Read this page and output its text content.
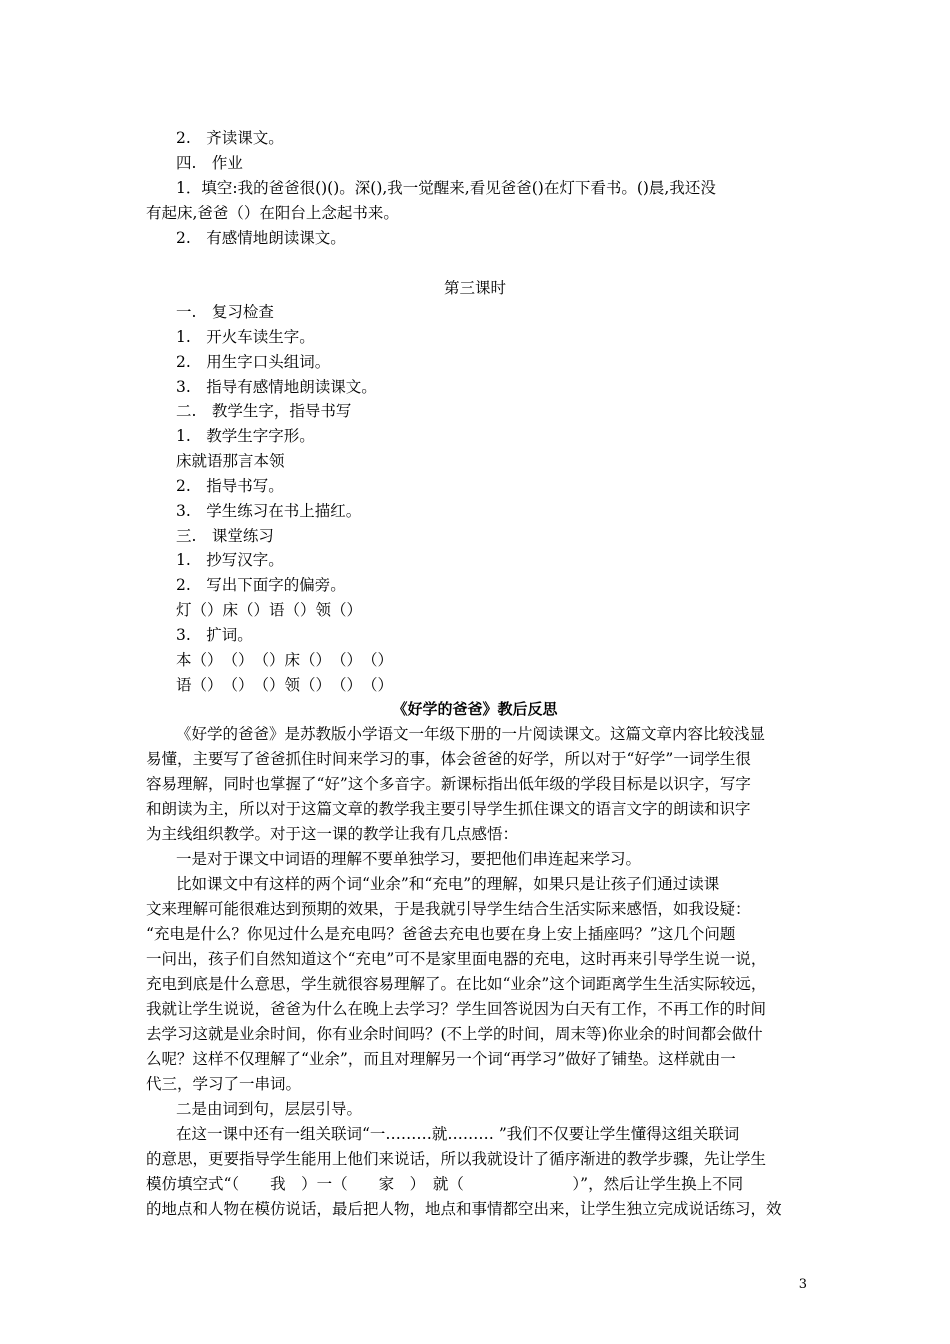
2.　齐读课文。
四.　作业
1．填空:我的爸爸很()()。深(),我一觉醒来,看见爸爸()在灯下看书。()晨,我还没
有起床,爸爸（）在阳台上念起书来。
2.　有感情地朗读课文。
第三课时
一.　复习检查
1.　开火车读生字。
2.　用生字口头组词。
3.　指导有感情地朗读课文。
二.　教学生字，指导书写
1.　教学生字字形。
床就语那言本领
2.　指导书写。
3.　学生练习在书上描红。
三.　课堂练习
1.　抄写汉字。
2.　写出下面字的偏旁。
灯（）床（）语（）领（）
3.　扩词。
本（）　（）　（）床（）　（）　（）
语（）　（）　（）领（）　（）　（）
《好学的爸爸》教后反思
《好学的爸爸》是苏教版小学语文一年级下册的一片阅读课文。这篇文章内容比较浅显
易懂，主要写了爸爸抓住时间来学习的事，体会爸爸的好学，所以对于“好学”一词学生很
容易理解，同时也掌握了“好”这个多音字。新课标指出低年级的学段目标是以识字，写字
和朗读为主，所以对于这篇文章的教学我主要引导学生抓住课文的语言文字的朗读和识字
为主线组织教学。对于这一课的教学让我有几点感悟：
一是对于课文中词语的理解不要单独学习，要把他们串连起来学习。
比如课文中有这样的两个词“业余”和“充电”的理解，如果只是让孩子们通过读课
文来理解可能很难达到预期的效果，于是我就引导学生结合生活实际来感悟，如我设疑：
“充电是什么？你见过什么是充电吗？爸爸去充电也要在身上安上插座吗？”这几个问题
一问出，孩子们自然知道这个“充电”可不是家里面电器的充电，这时再来引导学生说一说，
充电到底是什么意思，学生就很容易理解了。在比如“业余”这个词距离学生生活实际较远，
我就让学生说说，爸爸为什么在晚上去学习？学生回答说因为白天有工作，不再工作的时间
去学习这就是业余时间，你有业余时间吗？(不上学的时间，周末等)你业余的时间都会做什
么呢？这样不仅理解了“业余”，而且对理解另一个词“再学习”做好了铺垫。这样就由一
代三，学习了一串词。
二是由词到句，层层引导。
在这一课中还有一组关联词“一………就……… ”我们不仅要让学生懂得这组关联词
的意思，更要指导学生能用上他们来说话，所以我就设计了循序渐进的教学步骤，先让学生
模仿填空式“（　　我　）一（　　家　）　就（　　　　　　　）”，然后让学生换上不同
的地点和人物在模仿说话，最后把人物，地点和事情都空出来，让学生独立完成说话练习，效
3
